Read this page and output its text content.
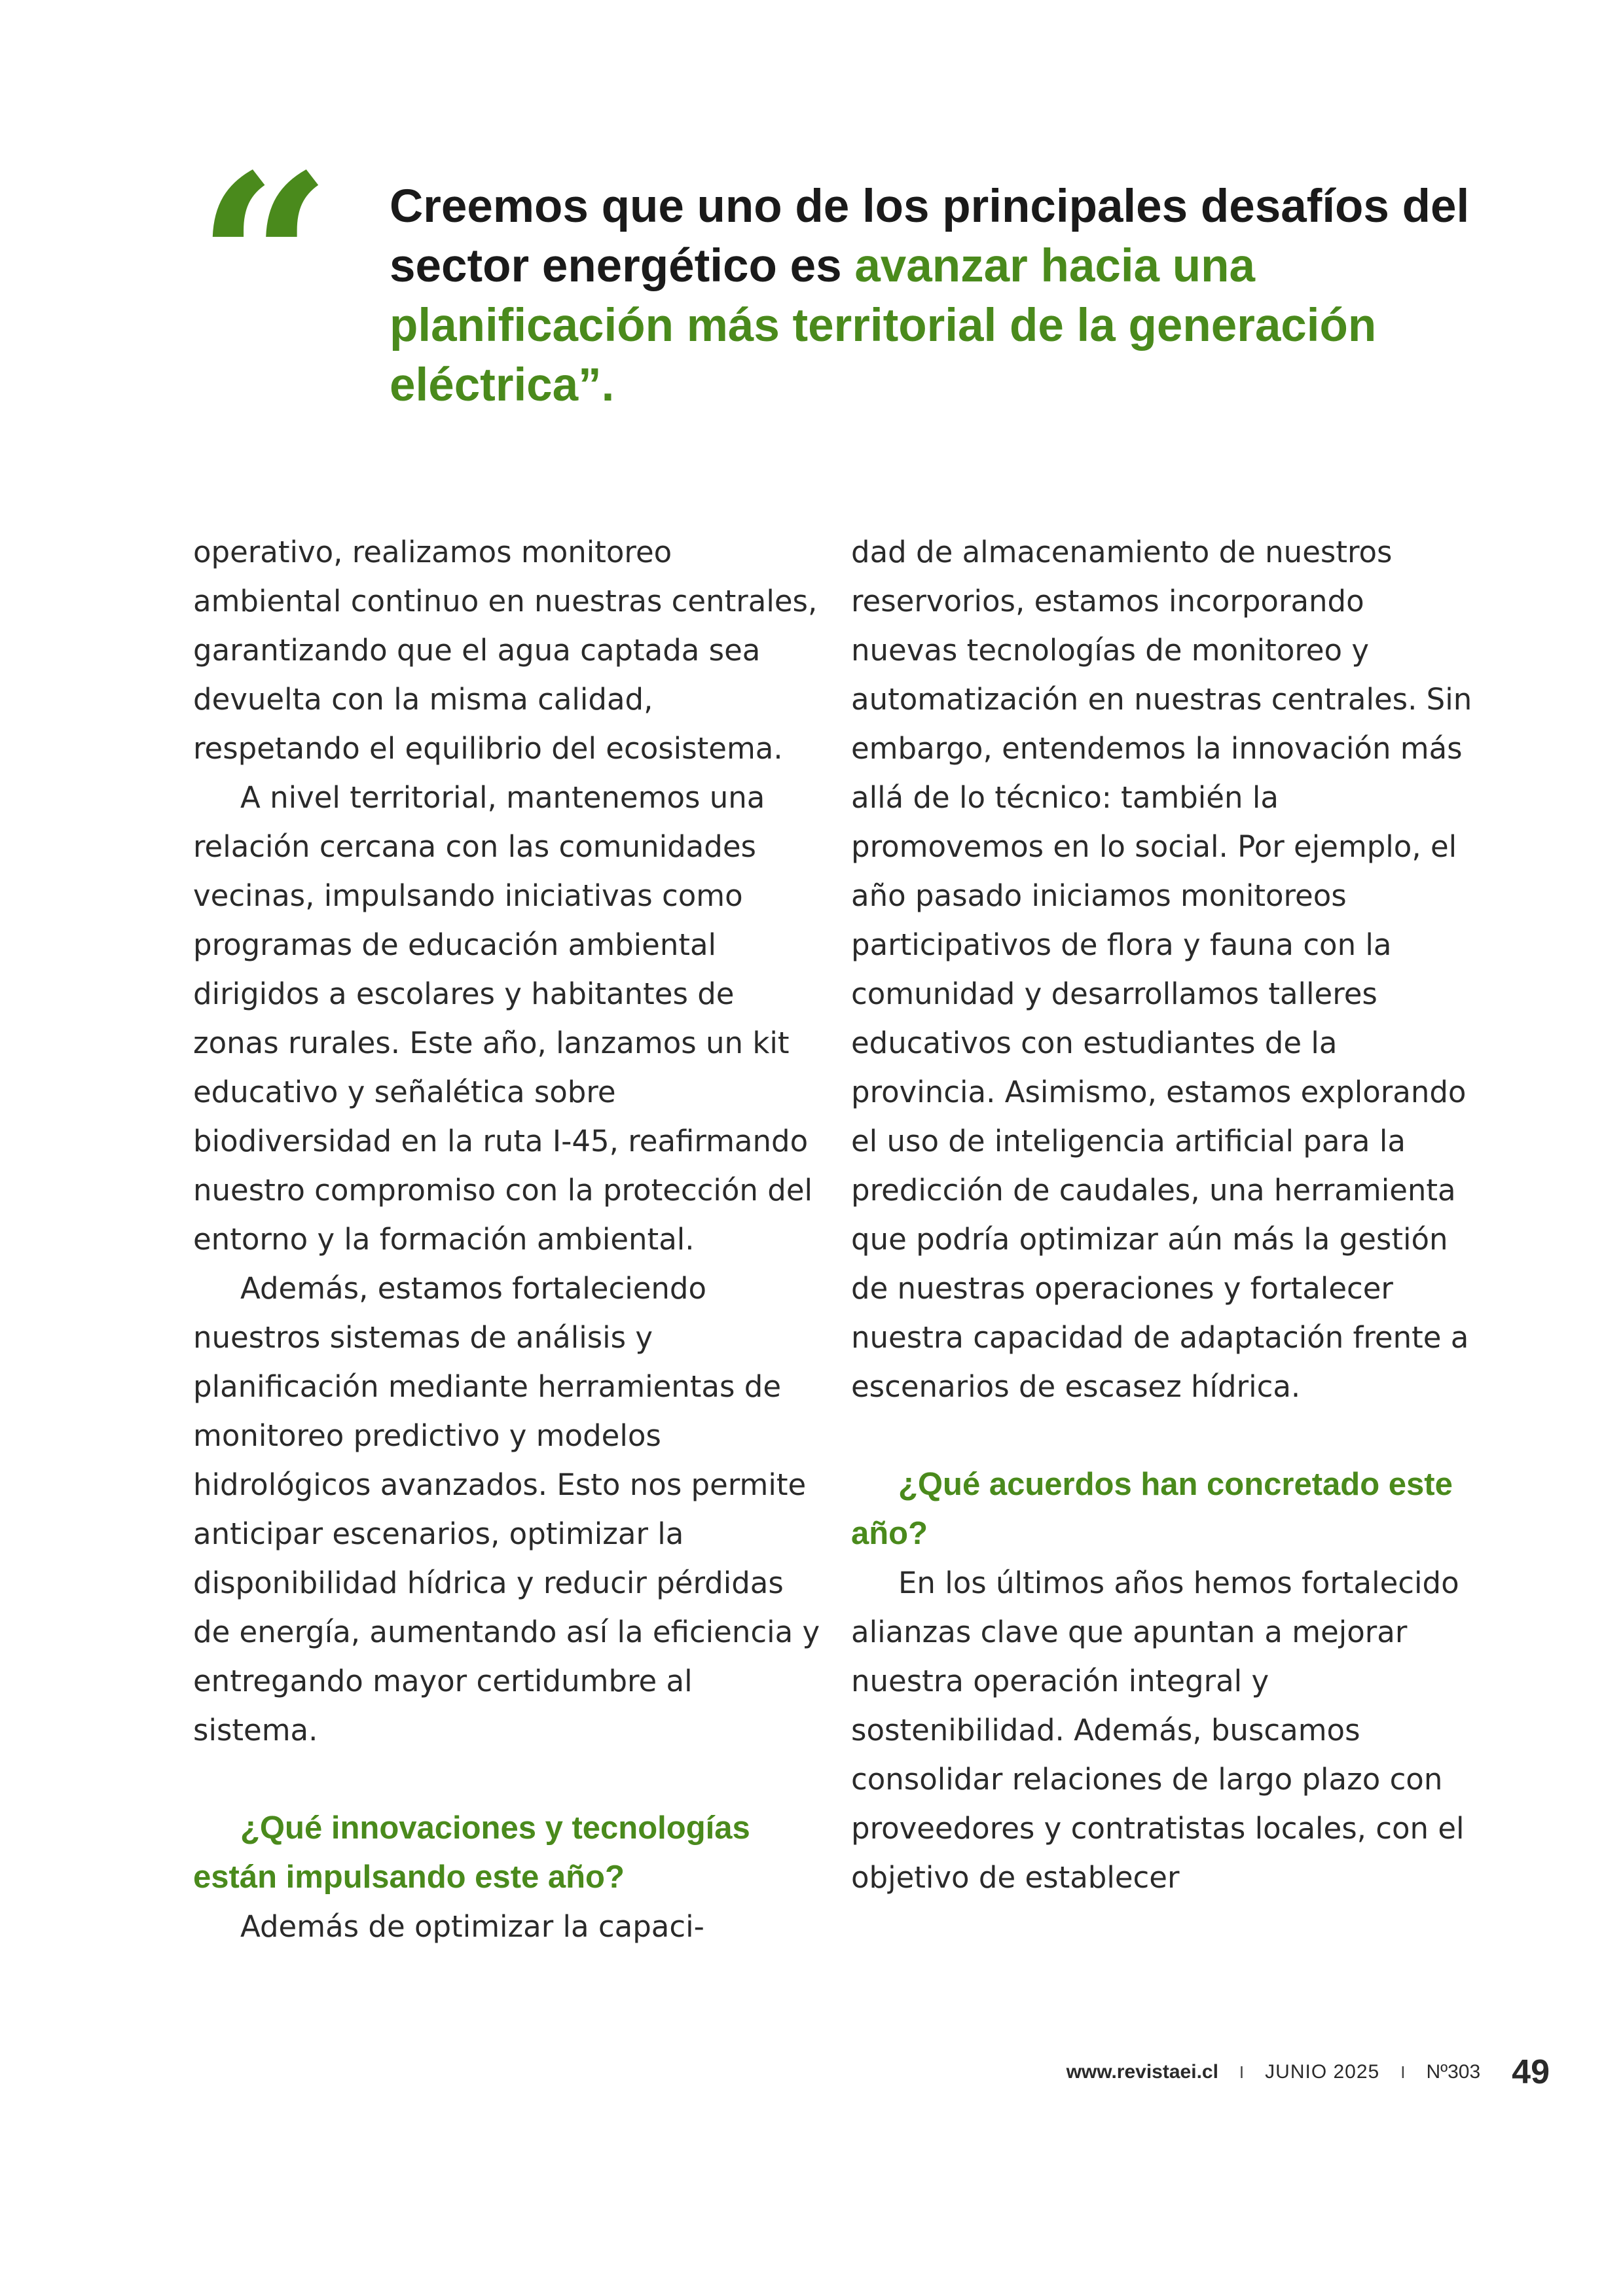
“ Creemos que uno de los principales desafíos del sector energético es avanzar hacia una planificación más territorial de la generación eléctrica”.

operativo, realizamos monitoreo ambiental continuo en nuestras centrales, garantizando que el agua captada sea devuelta con la misma calidad, respetando el equilibrio del ecosistema.

A nivel territorial, mantenemos una relación cercana con las comunidades vecinas, impulsando iniciativas como programas de educación ambiental dirigidos a escolares y habitantes de zonas rurales. Este año, lanzamos un kit educativo y señalética sobre biodiversidad en la ruta I-45, reafirmando nuestro compromiso con la protección del entorno y la formación ambiental.

Además, estamos fortaleciendo nuestros sistemas de análisis y planificación mediante herramientas de monitoreo predictivo y modelos hidrológicos avanzados. Esto nos permite anticipar escenarios, optimizar la disponibilidad hídrica y reducir pérdidas de energía, aumentando así la eficiencia y entregando mayor certidumbre al sistema.

¿Qué innovaciones y tecnologías están impulsando este año?

Además de optimizar la capaci-

dad de almacenamiento de nuestros reservorios, estamos incorporando nuevas tecnologías de monitoreo y automatización en nuestras centrales. Sin embargo, entendemos la innovación más allá de lo técnico: también la promovemos en lo social. Por ejemplo, el año pasado iniciamos monitoreos participativos de flora y fauna con la comunidad y desarrollamos talleres educativos con estudiantes de la provincia. Asimismo, estamos explorando el uso de inteligencia artificial para la predicción de caudales, una herramienta que podría optimizar aún más la gestión de nuestras operaciones y fortalecer nuestra capacidad de adaptación frente a escenarios de escasez hídrica.

¿Qué acuerdos han concretado este año?

En los últimos años hemos fortalecido alianzas clave que apuntan a mejorar nuestra operación integral y sostenibilidad. Además, buscamos consolidar relaciones de largo plazo con proveedores y contratistas locales, con el objetivo de establecer

www.revistaei.cl I JUNIO 2025 I Nº303 49
